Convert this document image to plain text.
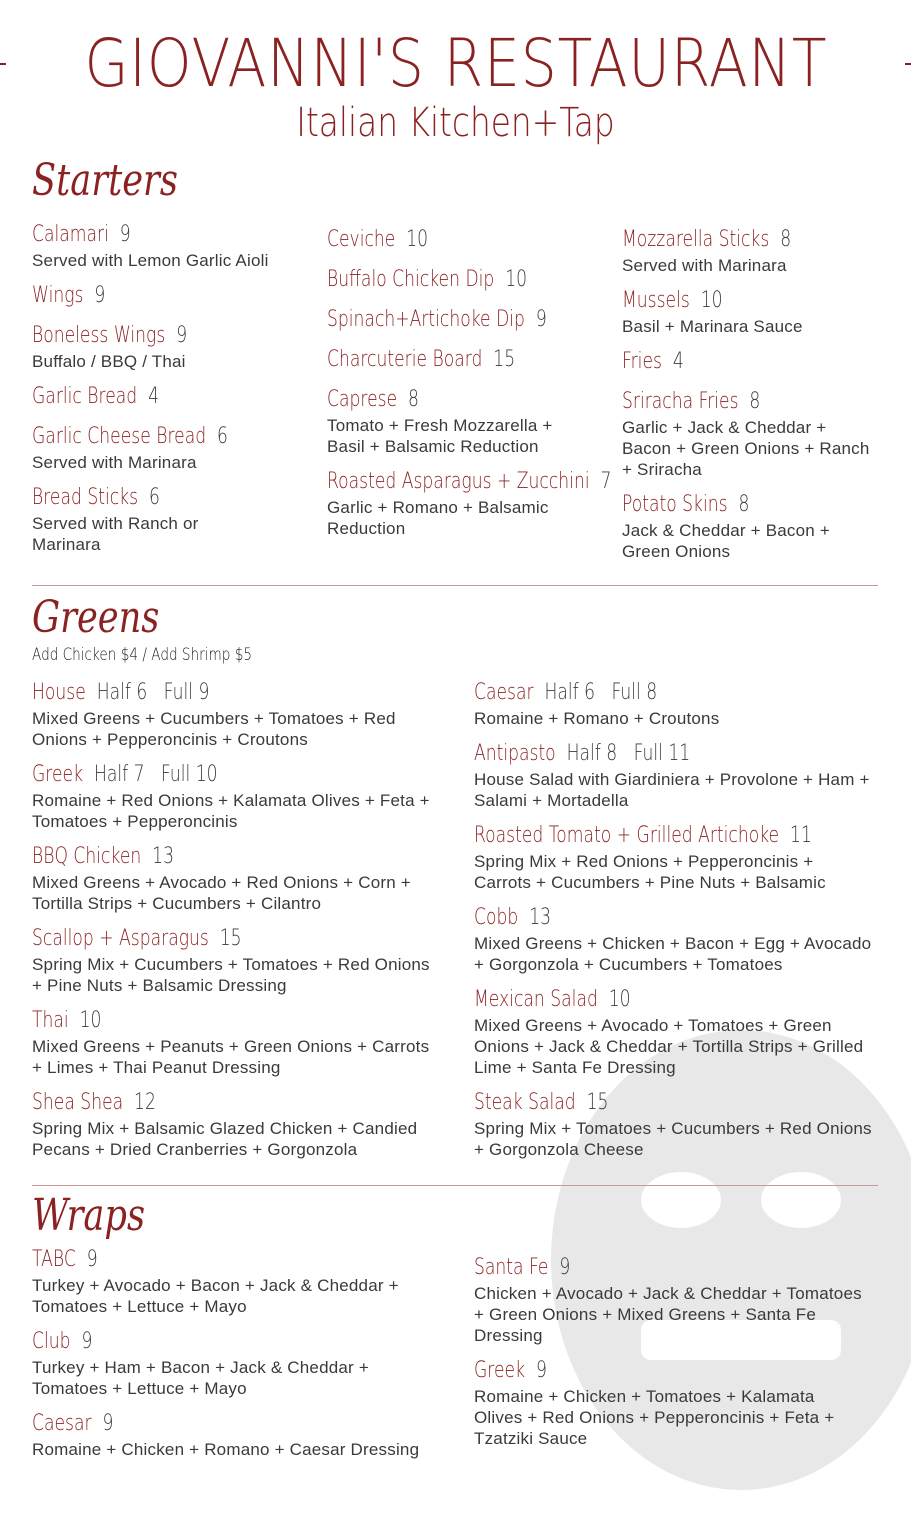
GIOVANNI'S RESTAURANT
Italian Kitchen+Tap
Starters
Calamari 9
Served with Lemon Garlic Aioli
Wings 9
Boneless Wings 9
Buffalo / BBQ / Thai
Garlic Bread 4
Garlic Cheese Bread 6
Served with Marinara
Bread Sticks 6
Served with Ranch or Marinara
Ceviche 10
Buffalo Chicken Dip 10
Spinach+Artichoke Dip 9
Charcuterie Board 15
Caprese 8
Tomato + Fresh Mozzarella + Basil + Balsamic Reduction
Roasted Asparagus + Zucchini 7
Garlic + Romano + Balsamic Reduction
Mozzarella Sticks 8
Served with Marinara
Mussels 10
Basil + Marinara Sauce
Fries 4
Sriracha Fries 8
Garlic + Jack & Cheddar + Bacon + Green Onions + Ranch + Sriracha
Potato Skins 8
Jack & Cheddar + Bacon + Green Onions
Greens
Add Chicken $4 / Add Shrimp $5
House Half 6   Full 9
Mixed Greens + Cucumbers + Tomatoes + Red Onions + Pepperoncinis + Croutons
Greek Half 7   Full 10
Romaine + Red Onions + Kalamata Olives + Feta + Tomatoes + Pepperoncinis
BBQ Chicken 13
Mixed Greens + Avocado + Red Onions + Corn + Tortilla Strips + Cucumbers + Cilantro
Scallop + Asparagus 15
Spring Mix + Cucumbers + Tomatoes + Red Onions + Pine Nuts + Balsamic Dressing
Thai 10
Mixed Greens + Peanuts + Green Onions + Carrots + Limes + Thai Peanut Dressing
Shea Shea 12
Spring Mix + Balsamic Glazed Chicken + Candied Pecans + Dried Cranberries + Gorgonzola
Caesar Half 6   Full 8
Romaine + Romano + Croutons
Antipasto Half 8   Full 11
House Salad with Giardiniera + Provolone + Ham + Salami + Mortadella
Roasted Tomato + Grilled Artichoke 11
Spring Mix + Red Onions + Pepperoncinis + Carrots + Cucumbers + Pine Nuts + Balsamic
Cobb 13
Mixed Greens + Chicken + Bacon + Egg + Avocado + Gorgonzola + Cucumbers + Tomatoes
Mexican Salad 10
Mixed Greens + Avocado + Tomatoes + Green Onions + Jack & Cheddar + Tortilla Strips + Grilled Lime + Santa Fe Dressing
Steak Salad 15
Spring Mix + Tomatoes + Cucumbers + Red Onions + Gorgonzola Cheese
Wraps
TABC 9
Turkey + Avocado + Bacon + Jack & Cheddar + Tomatoes + Lettuce + Mayo
Club 9
Turkey + Ham + Bacon + Jack & Cheddar + Tomatoes + Lettuce + Mayo
Caesar 9
Romaine + Chicken + Romano + Caesar Dressing
Santa Fe 9
Chicken + Avocado + Jack & Cheddar + Tomatoes + Green Onions + Mixed Greens + Santa Fe Dressing
Greek 9
Romaine + Chicken + Tomatoes + Kalamata Olives + Red Onions + Pepperoncinis + Feta + Tzatziki Sauce
